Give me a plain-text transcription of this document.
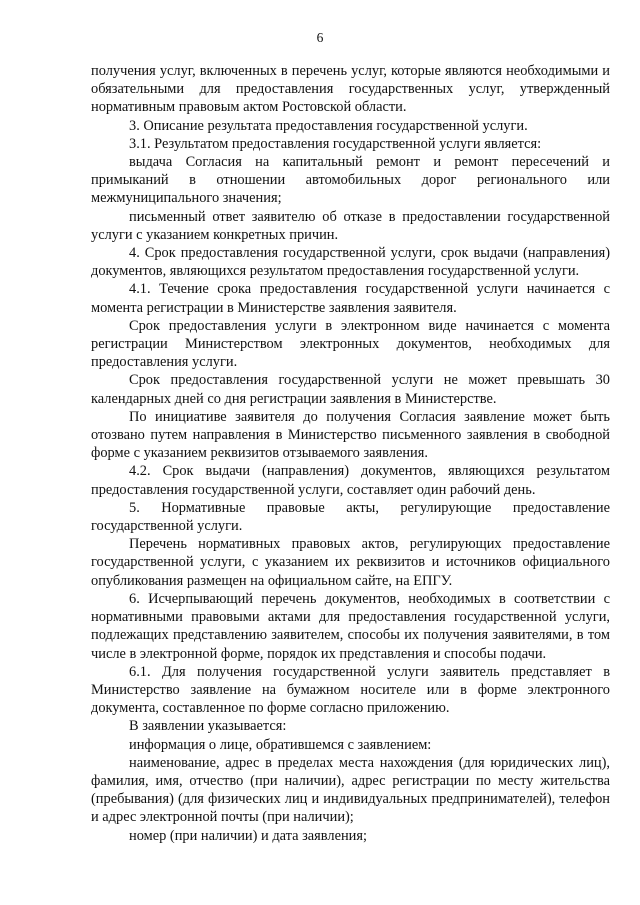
6

получения услуг, включенных в перечень услуг, которые являются необходимыми и обязательными для предоставления государственных услуг, утвержденный нормативным правовым актом Ростовской области.

3. Описание результата предоставления государственной услуги.

3.1. Результатом предоставления государственной услуги является:

выдача Согласия на капитальный ремонт и ремонт пересечений и примыканий в отношении автомобильных дорог регионального или межмуниципального значения;

письменный ответ заявителю об отказе в предоставлении государственной услуги с указанием конкретных причин.

4. Срок предоставления государственной услуги, срок выдачи (направления) документов, являющихся результатом предоставления государственной услуги.

4.1. Течение срока предоставления государственной услуги начинается с момента регистрации в Министерстве заявления заявителя.

Срок предоставления услуги в электронном виде начинается с момента регистрации Министерством электронных документов, необходимых для предоставления услуги.

Срок предоставления государственной услуги не может превышать 30 календарных дней со дня регистрации заявления в Министерстве.

По инициативе заявителя до получения Согласия заявление может быть отозвано путем направления в Министерство письменного заявления в свободной форме с указанием реквизитов отзываемого заявления.

4.2. Срок выдачи (направления) документов, являющихся результатом предоставления государственной услуги, составляет один рабочий день.

5. Нормативные правовые акты, регулирующие предоставление государственной услуги.

Перечень нормативных правовых актов, регулирующих предоставление государственной услуги, с указанием их реквизитов и источников официального опубликования размещен на официальном сайте, на ЕПГУ.

6. Исчерпывающий перечень документов, необходимых в соответствии с нормативными правовыми актами для предоставления государственной услуги, подлежащих представлению заявителем, способы их получения заявителями, в том числе в электронной форме, порядок их представления и способы подачи.

6.1. Для получения государственной услуги заявитель представляет в Министерство заявление на бумажном носителе или в форме электронного документа, составленное по форме согласно приложению.

В заявлении указывается:

информация о лице, обратившемся с заявлением:

наименование, адрес в пределах места нахождения (для юридических лиц), фамилия, имя, отчество (при наличии), адрес регистрации по месту жительства (пребывания) (для физических лиц и индивидуальных предпринимателей), телефон и адрес электронной почты (при наличии);

номер (при наличии) и дата заявления;
